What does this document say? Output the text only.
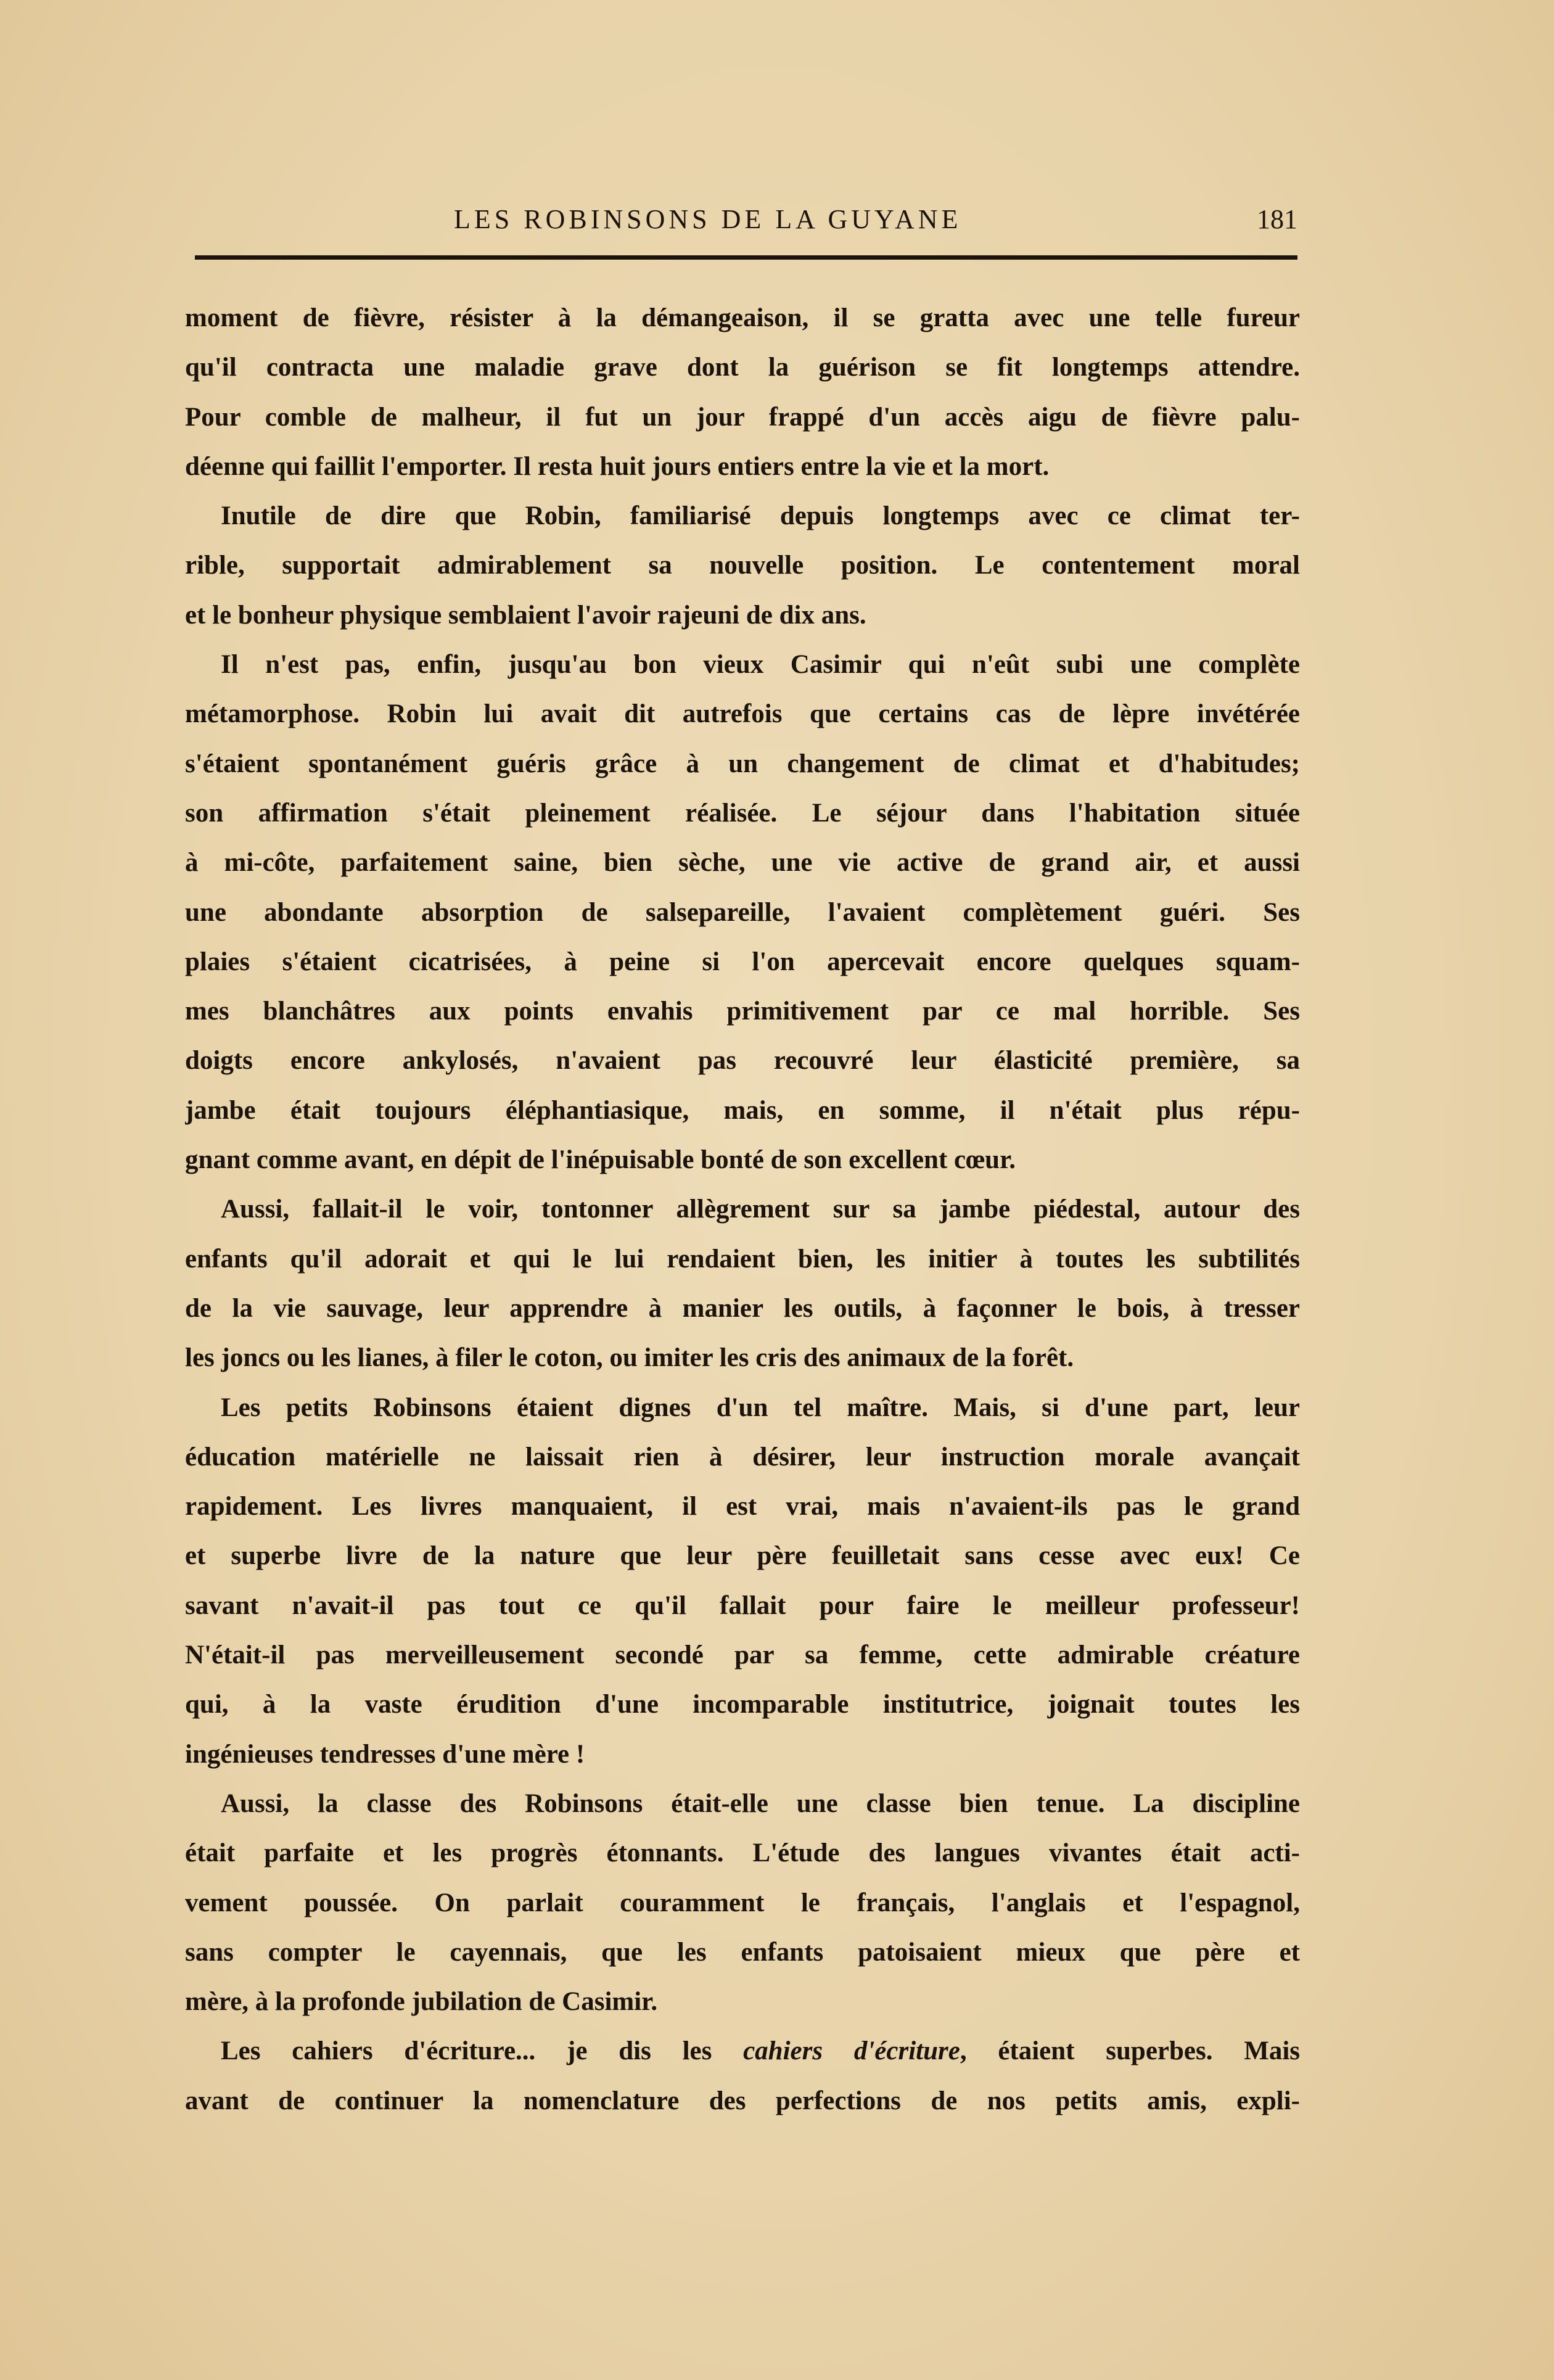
LES ROBINSONS DE LA GUYANE	181
moment de fièvre, résister à la démangeaison, il se gratta avec une telle fureur
qu'il contracta une maladie grave dont la guérison se fit longtemps attendre.
Pour comble de malheur, il fut un jour frappé d'un accès aigu de fièvre palu-
déenne qui faillit l'emporter. Il resta huit jours entiers entre la vie et la mort.
Inutile de dire que Robin, familiarisé depuis longtemps avec ce climat ter-
rible, supportait admirablement sa nouvelle position. Le contentement moral
et le bonheur physique semblaient l'avoir rajeuni de dix ans.
Il n'est pas, enfin, jusqu'au bon vieux Casimir qui n'eût subi une complète
métamorphose. Robin lui avait dit autrefois que certains cas de lèpre invétérée
s'étaient spontanément guéris grâce à un changement de climat et d'habitudes;
son affirmation s'était pleinement réalisée. Le séjour dans l'habitation située
à mi-côte, parfaitement saine, bien sèche, une vie active de grand air, et aussi
une abondante absorption de salsepareille, l'avaient complètement guéri. Ses
plaies s'étaient cicatrisées, à peine si l'on apercevait encore quelques squam-
mes blanchâtres aux points envahis primitivement par ce mal horrible. Ses
doigts encore ankylosés, n'avaient pas recouvré leur élasticité première, sa
jambe était toujours éléphantiasique, mais, en somme, il n'était plus répu-
gnant comme avant, en dépit de l'inépuisable bonté de son excellent cœur.
Aussi, fallait-il le voir, tontonner allègrement sur sa jambe piédestal, autour des
enfants qu'il adorait et qui le lui rendaient bien, les initier à toutes les subtilités
de la vie sauvage, leur apprendre à manier les outils, à façonner le bois, à tresser
les joncs ou les lianes, à filer le coton, ou imiter les cris des animaux de la forêt.
Les petits Robinsons étaient dignes d'un tel maître. Mais, si d'une part, leur
éducation matérielle ne laissait rien à désirer, leur instruction morale avançait
rapidement. Les livres manquaient, il est vrai, mais n'avaient-ils pas le grand
et superbe livre de la nature que leur père feuilletait sans cesse avec eux! Ce
savant n'avait-il pas tout ce qu'il fallait pour faire le meilleur professeur!
N'était-il pas merveilleusement secondé par sa femme, cette admirable créature
qui, à la vaste érudition d'une incomparable institutrice, joignait toutes les
ingénieuses tendresses d'une mère !
Aussi, la classe des Robinsons était-elle une classe bien tenue. La discipline
était parfaite et les progrès étonnants. L'étude des langues vivantes était acti-
vement poussée. On parlait couramment le français, l'anglais et l'espagnol,
sans compter le cayennais, que les enfants patoisaient mieux que père et
mère, à la profonde jubilation de Casimir.
Les cahiers d'écriture... je dis les cahiers d'écriture, étaient superbes. Mais
avant de continuer la nomenclature des perfections de nos petits amis, expli-
